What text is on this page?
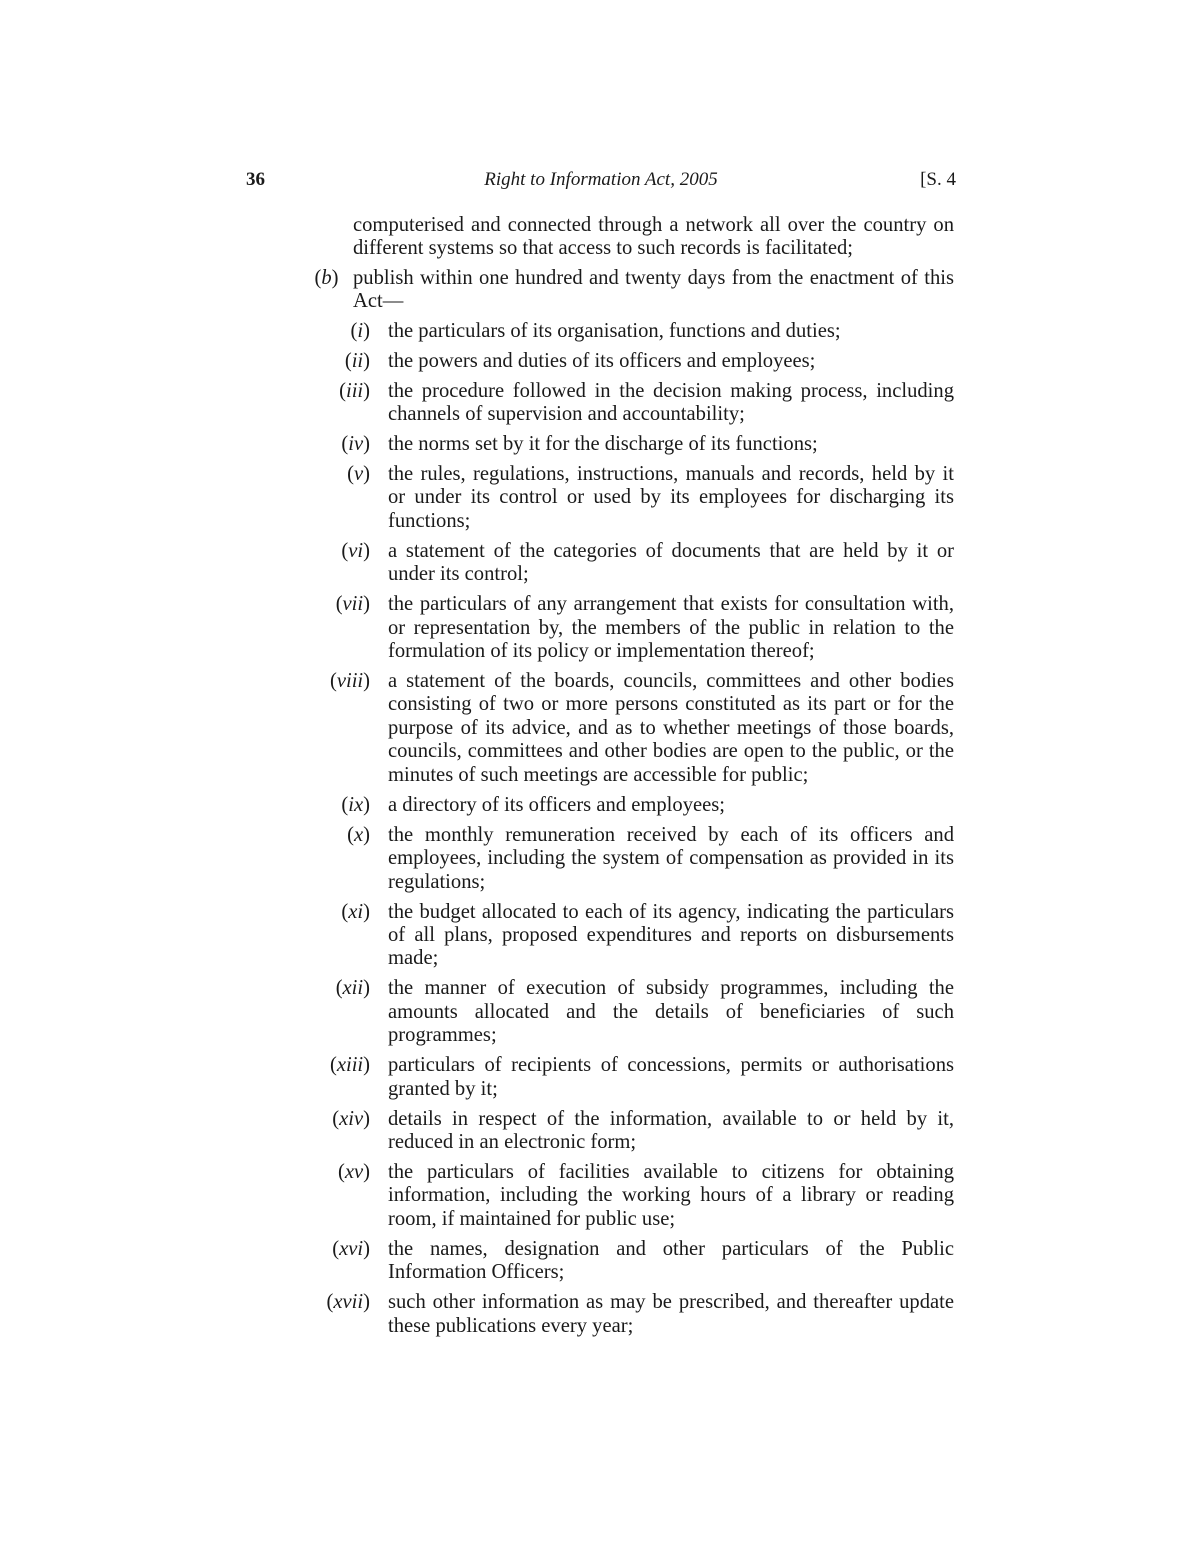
36	Right to Information Act, 2005	[S. 4
computerised and connected through a network all over the country on different systems so that access to such records is facilitated;
(b) publish within one hundred and twenty days from the enactment of this Act—
(i) the particulars of its organisation, functions and duties;
(ii) the powers and duties of its officers and employees;
(iii) the procedure followed in the decision making process, including channels of supervision and accountability;
(iv) the norms set by it for the discharge of its functions;
(v) the rules, regulations, instructions, manuals and records, held by it or under its control or used by its employees for discharging its functions;
(vi) a statement of the categories of documents that are held by it or under its control;
(vii) the particulars of any arrangement that exists for consultation with, or representation by, the members of the public in relation to the formulation of its policy or implementation thereof;
(viii) a statement of the boards, councils, committees and other bodies consisting of two or more persons constituted as its part or for the purpose of its advice, and as to whether meetings of those boards, councils, committees and other bodies are open to the public, or the minutes of such meetings are accessible for public;
(ix) a directory of its officers and employees;
(x) the monthly remuneration received by each of its officers and employees, including the system of compensation as provided in its regulations;
(xi) the budget allocated to each of its agency, indicating the particulars of all plans, proposed expenditures and reports on disbursements made;
(xii) the manner of execution of subsidy programmes, including the amounts allocated and the details of beneficiaries of such programmes;
(xiii) particulars of recipients of concessions, permits or authorisations granted by it;
(xiv) details in respect of the information, available to or held by it, reduced in an electronic form;
(xv) the particulars of facilities available to citizens for obtaining information, including the working hours of a library or reading room, if maintained for public use;
(xvi) the names, designation and other particulars of the Public Information Officers;
(xvii) such other information as may be prescribed, and thereafter update these publications every year;
